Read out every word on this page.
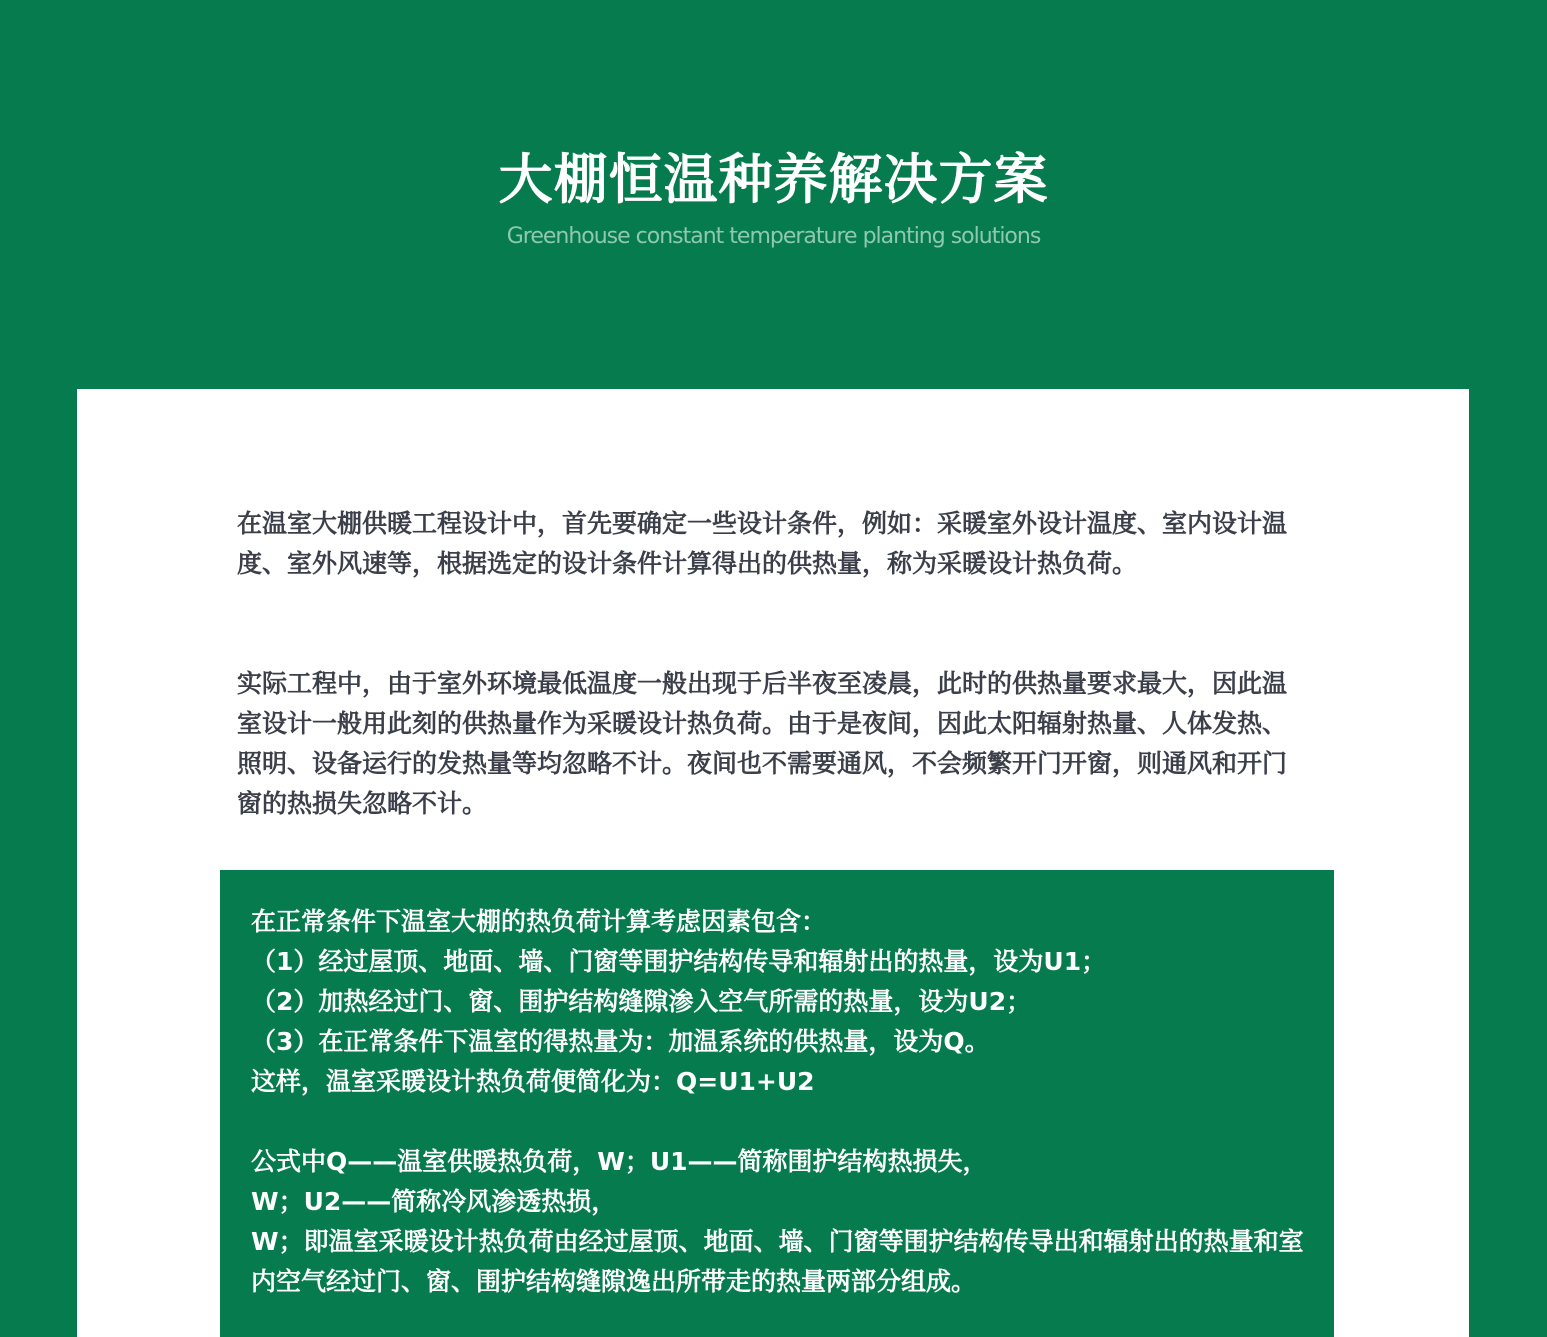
大棚恒温种养解决方案
Greenhouse constant temperature planting solutions

在温室大棚供暖工程设计中，首先要确定一些设计条件，例如：采暖室外设计温度、室内设计温度、室外风速等，根据选定的设计条件计算得出的供热量，称为采暖设计热负荷。

实际工程中，由于室外环境最低温度一般出现于后半夜至凌晨，此时的供热量要求最大，因此温室设计一般用此刻的供热量作为采暖设计热负荷。由于是夜间，因此太阳辐射热量、人体发热、照明、设备运行的发热量等均忽略不计。夜间也不需要通风，不会频繁开门开窗，则通风和开门窗的热损失忽略不计。

在正常条件下温室大棚的热负荷计算考虑因素包含：
（1）经过屋顶、地面、墙、门窗等围护结构传导和辐射出的热量，设为U1；
（2）加热经过门、窗、围护结构缝隙渗入空气所需的热量，设为U2；
（3）在正常条件下温室的得热量为：加温系统的供热量，设为Q。
这样，温室采暖设计热负荷便简化为：Q=U1+U2
公式中Q——温室供暖热负荷，W；U1——简称围护结构热损失，
W；U2——简称冷风渗透热损，
W；即温室采暖设计热负荷由经过屋顶、地面、墙、门窗等围护结构传导出和辐射出的热量和室内空气经过门、窗、围护结构缝隙逸出所带走的热量两部分组成。
